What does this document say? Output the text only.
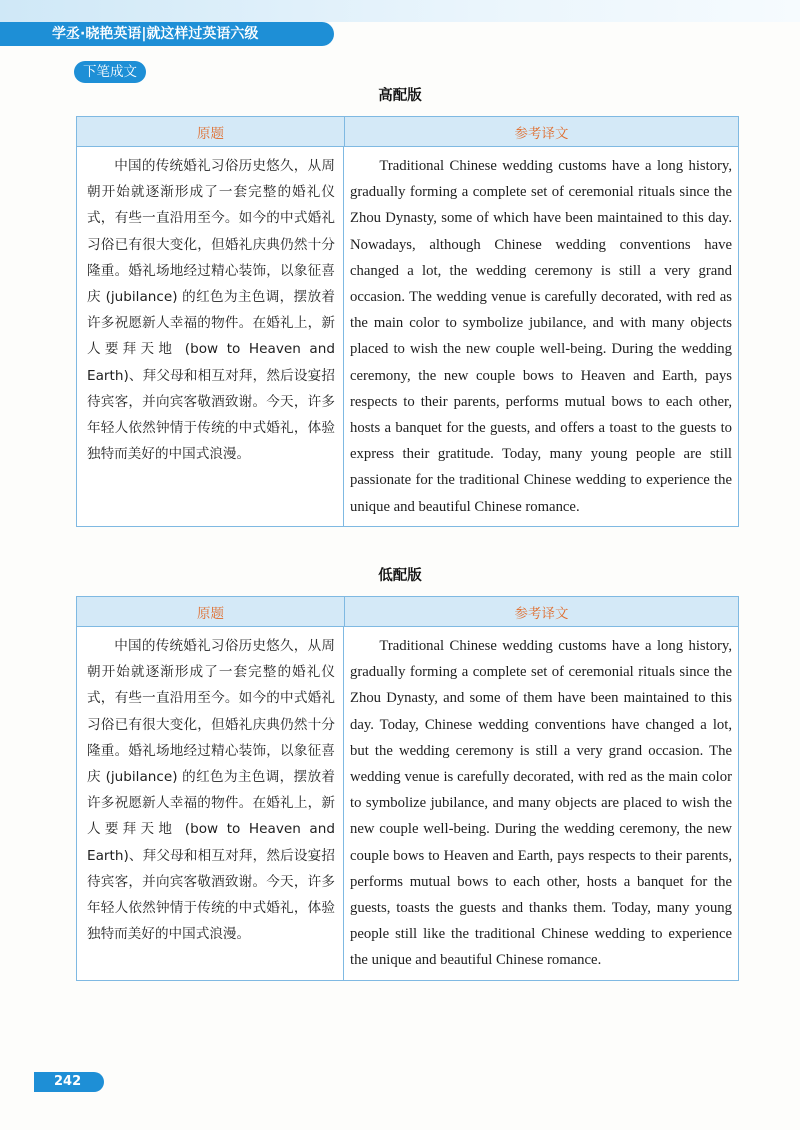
学丞·晓艳英语|就这样过英语六级
下笔成文
高配版
原题	参考译文
中国的传统婚礼习俗历史悠久，从周朝开始就逐渐形成了一套完整的婚礼仪式，有些一直沿用至今。如今的中式婚礼习俗已有很大变化，但婚礼庆典仍然十分隆重。婚礼场地经过精心装饰，以象征喜庆 (jubilance) 的红色为主色调，摆放着许多祝愿新人幸福的物件。在婚礼上，新人要拜天地 (bow to Heaven and Earth)、拜父母和相互对拜，然后设宴招待宾客，并向宾客敬酒致谢。今天，许多年轻人依然钟情于传统的中式婚礼，体验独特而美好的中国式浪漫。
Traditional Chinese wedding customs have a long history, gradually forming a complete set of ceremonial rituals since the Zhou Dynasty, some of which have been maintained to this day. Nowadays, although Chinese wedding conventions have changed a lot, the wedding ceremony is still a very grand occasion. The wedding venue is carefully decorated, with red as the main color to symbolize jubilance, and with many objects placed to wish the new couple well-being. During the wedding ceremony, the new couple bows to Heaven and Earth, pays respects to their parents, performs mutual bows to each other, hosts a banquet for the guests, and offers a toast to the guests to express their gratitude. Today, many young people are still passionate for the traditional Chinese wedding to experience the unique and beautiful Chinese romance.
低配版
原题	参考译文
中国的传统婚礼习俗历史悠久，从周朝开始就逐渐形成了一套完整的婚礼仪式，有些一直沿用至今。如今的中式婚礼习俗已有很大变化，但婚礼庆典仍然十分隆重。婚礼场地经过精心装饰，以象征喜庆 (jubilance) 的红色为主色调，摆放着许多祝愿新人幸福的物件。在婚礼上，新人要拜天地 (bow to Heaven and Earth)、拜父母和相互对拜，然后设宴招待宾客，并向宾客敬酒致谢。今天，许多年轻人依然钟情于传统的中式婚礼，体验独特而美好的中国式浪漫。
Traditional Chinese wedding customs have a long history, gradually forming a complete set of ceremonial rituals since the Zhou Dynasty, and some of them have been maintained to this day. Today, Chinese wedding conventions have changed a lot, but the wedding ceremony is still a very grand occasion. The wedding venue is carefully decorated, with red as the main color to symbolize jubilance, and many objects are placed to wish the new couple well-being. During the wedding ceremony, the new couple bows to Heaven and Earth, pays respects to their parents, performs mutual bows to each other, hosts a banquet for the guests, toasts the guests and thanks them. Today, many young people still like the traditional Chinese wedding to experience the unique and beautiful Chinese romance.
242
